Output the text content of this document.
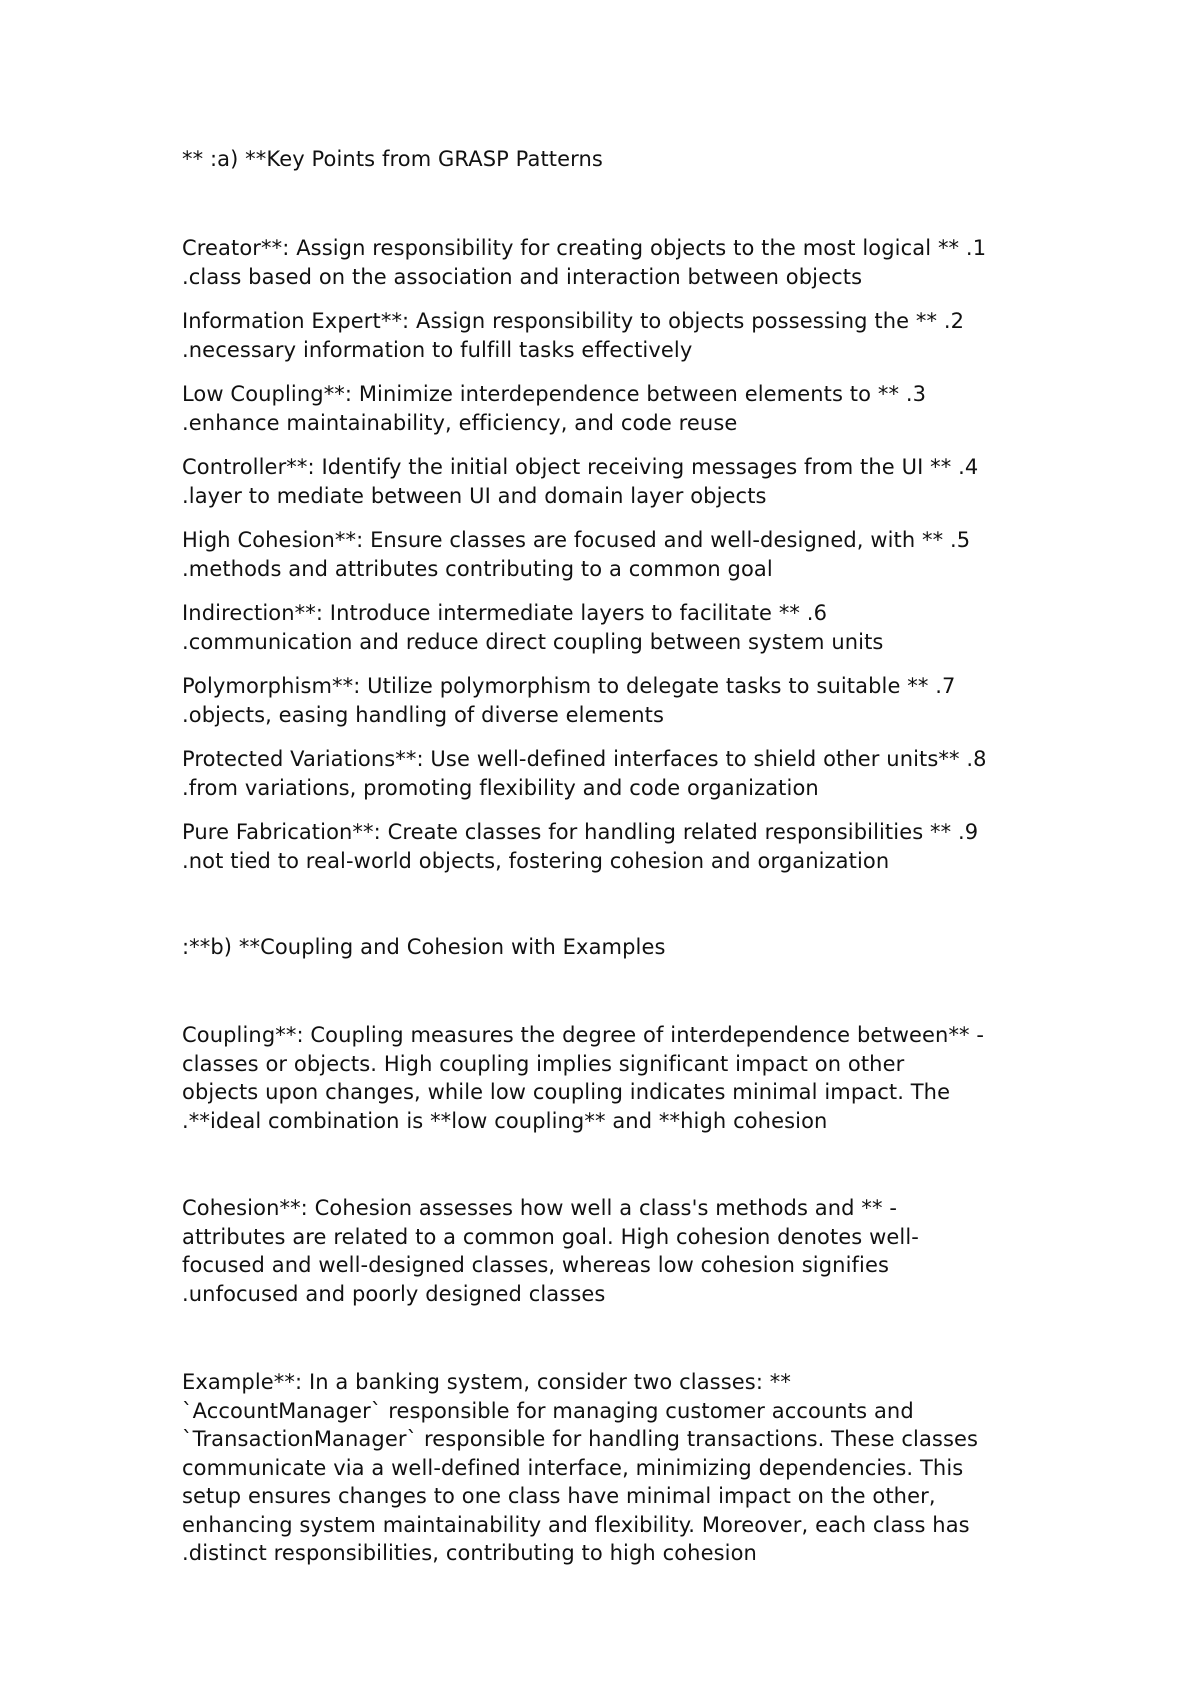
** :a) **Key Points from GRASP Patterns
Creator**: Assign responsibility for creating objects to the most logical ** .1
.class based on the association and interaction between objects
Information Expert**: Assign responsibility to objects possessing the ** .2
.necessary information to fulfill tasks effectively
Low Coupling**: Minimize interdependence between elements to ** .3
.enhance maintainability, efficiency, and code reuse
Controller**: Identify the initial object receiving messages from the UI ** .4
.layer to mediate between UI and domain layer objects
High Cohesion**: Ensure classes are focused and well-designed, with ** .5
.methods and attributes contributing to a common goal
Indirection**: Introduce intermediate layers to facilitate ** .6
.communication and reduce direct coupling between system units
Polymorphism**: Utilize polymorphism to delegate tasks to suitable ** .7
.objects, easing handling of diverse elements
Protected Variations**: Use well-defined interfaces to shield other units** .8
.from variations, promoting flexibility and code organization
Pure Fabrication**: Create classes for handling related responsibilities ** .9
.not tied to real-world objects, fostering cohesion and organization
:**b) **Coupling and Cohesion with Examples
Coupling**: Coupling measures the degree of interdependence between** -
classes or objects. High coupling implies significant impact on other
objects upon changes, while low coupling indicates minimal impact. The
.**ideal combination is **low coupling** and **high cohesion
Cohesion**: Cohesion assesses how well a class's methods and ** -
attributes are related to a common goal. High cohesion denotes well-
focused and well-designed classes, whereas low cohesion signifies
.unfocused and poorly designed classes
Example**: In a banking system, consider two classes: **
`AccountManager` responsible for managing customer accounts and
`TransactionManager` responsible for handling transactions. These classes
communicate via a well-defined interface, minimizing dependencies. This
setup ensures changes to one class have minimal impact on the other,
enhancing system maintainability and flexibility. Moreover, each class has
.distinct responsibilities, contributing to high cohesion
